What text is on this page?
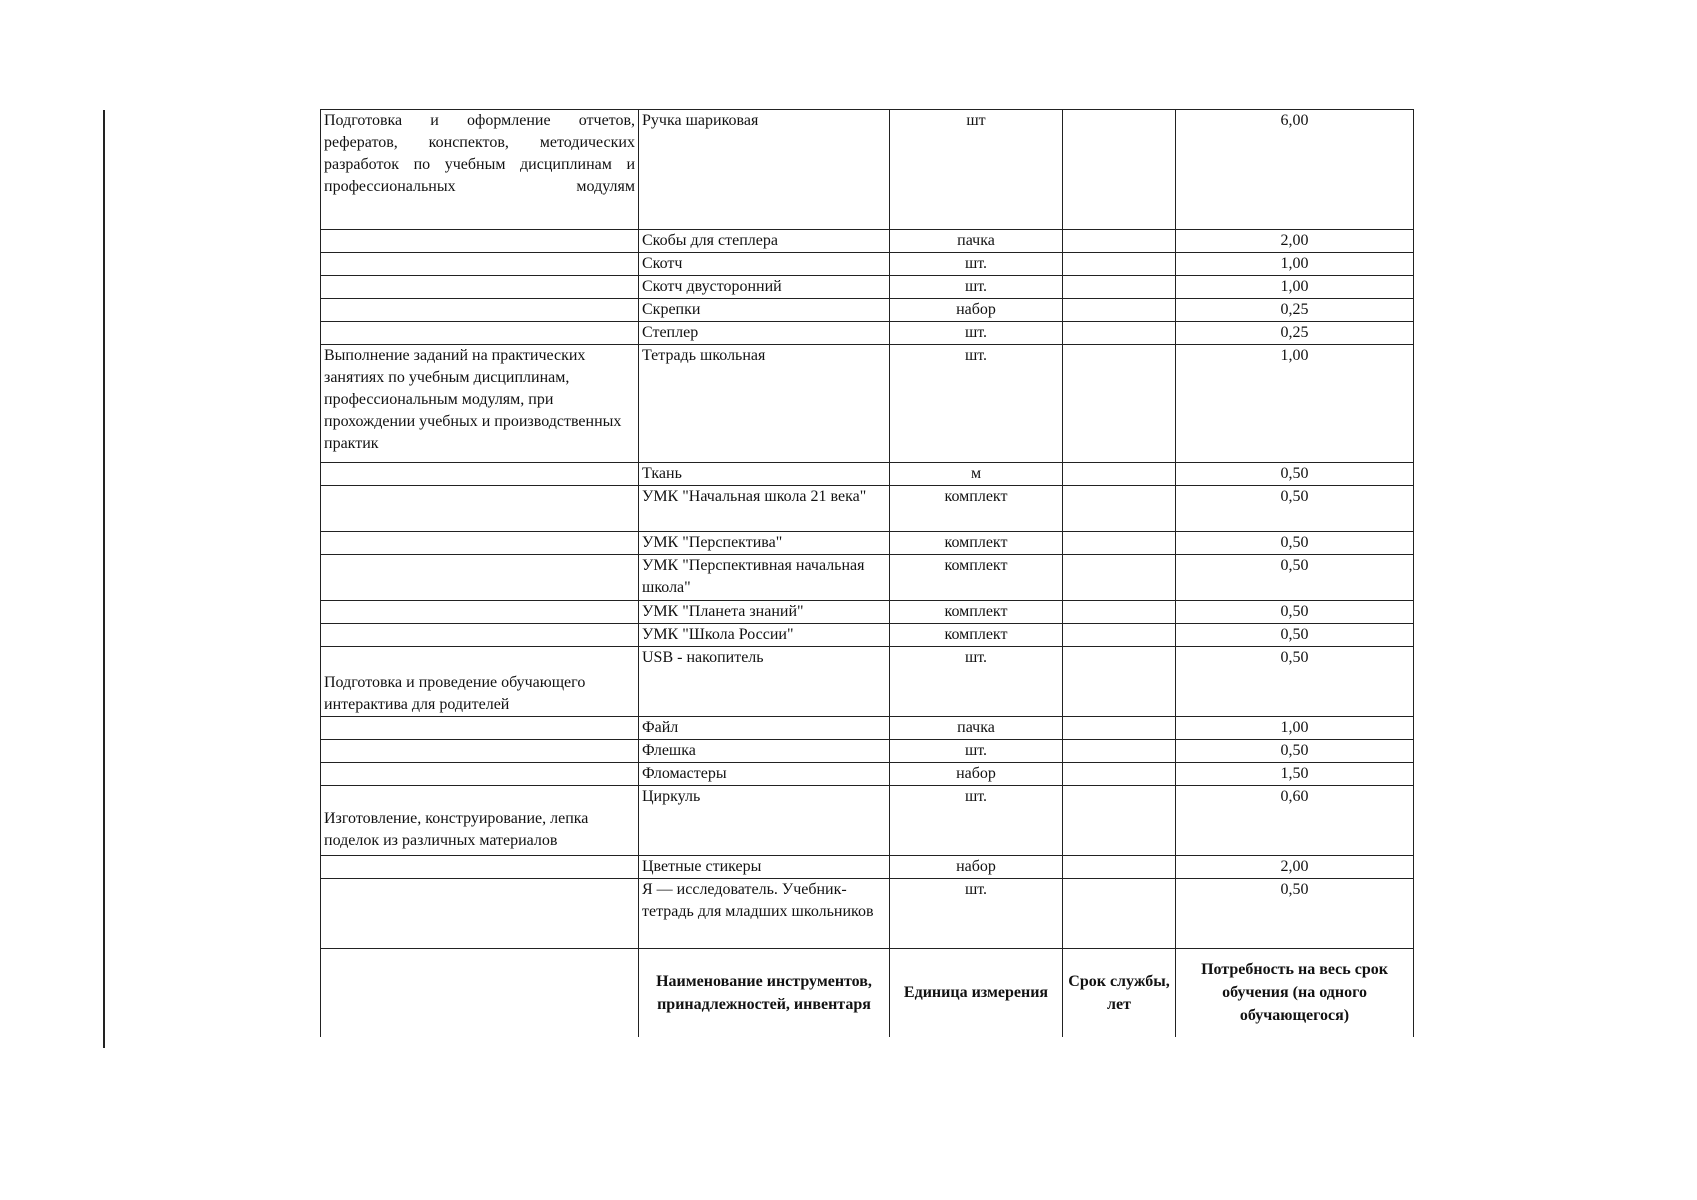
Подготовка и оформление отчетов, рефератов, конспектов, методических разработок по учебным дисциплинам и профессиональных модулям	Ручка шариковая	шт		6,00
	Скобы для степлера	пачка		2,00
	Скотч	шт.		1,00
	Скотч двусторонний	шт.		1,00
	Скрепки	набор		0,25
	Степлер	шт.		0,25
Выполнение заданий на практических занятиях по учебным дисциплинам, профессиональным модулям, при прохождении учебных и производственных практик	Тетрадь школьная	шт.		1,00
	Ткань	м		0,50
	УМК "Начальная школа 21 века"	комплект		0,50
	УМК "Перспектива"	комплект		0,50
	УМК "Перспективная начальная школа"	комплект		0,50
	УМК "Планета знаний"	комплект		0,50
	УМК "Школа России"	комплект		0,50
Подготовка и проведение обучающего интерактива для родителей	USB - накопитель	шт.		0,50
	Файл	пачка		1,00
	Флешка	шт.		0,50
	Фломастеры	набор		1,50
Изготовление, конструирование, лепка поделок из различных материалов	Циркуль	шт.		0,60
	Цветные стикеры	набор		2,00
	Я — исследователь. Учебник-тетрадь для младших школьников	шт.		0,50
	Наименование инструментов, принадлежностей, инвентаря	Единица измерения	Срок службы, лет	Потребность на весь срок обучения (на одного обучающегося)
